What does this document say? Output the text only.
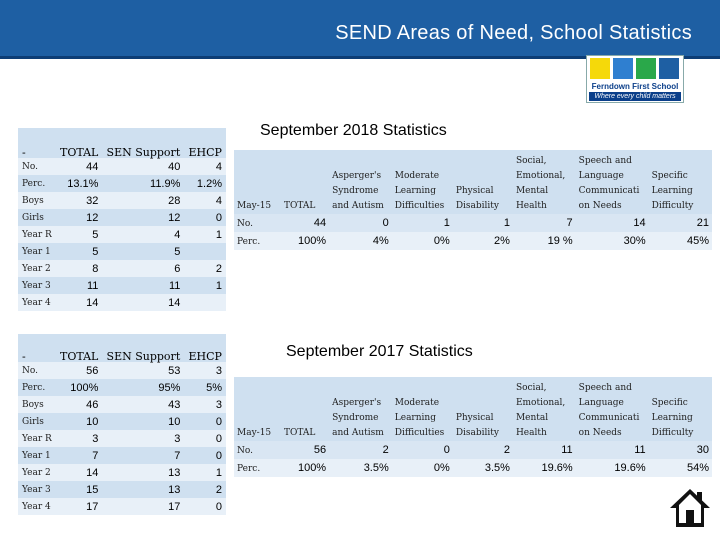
SEND Areas of Need, School Statistics
Ferndown First School
Where every child matters
-	TOTAL	SEN Support	EHCP
No.	44	40	4
Perc.	13.1%	11.9%	1.2%
Boys	32	28	4
Girls	12	12	0
Year R	5	4	1
Year 1	5	5	
Year 2	8	6	2
Year 3	11	11	1
Year 4	14	14	
-	TOTAL	SEN Support	EHCP
No.	56	53	3
Perc.	100%	95%	5%
Boys	46	43	3
Girls	10	10	0
Year R	3	3	0
Year 1	7	7	0
Year 2	14	13	1
Year 3	15	13	2
Year 4	17	17	0
September 2018 Statistics
May-15	TOTAL	Asperger's Syndrome and Autism	Moderate Learning Difficulties	Physical Disability	Social, Emotional, Mental Health	Speech and Language Communicati on Needs	Specific Learning Difficulty
No.	44	0	1	1	7	14	21
Perc.	100%	4%	0%	2%	19 %	30%	45%
September 2017 Statistics
May-15	TOTAL	Asperger's Syndrome and Autism	Moderate Learning Difficulties	Physical Disability	Social, Emotional, Mental Health	Speech and Language Communicati on Needs	Specific Learning Difficulty
No.	56	2	0	2	11	11	30
Perc.	100%	3.5%	0%	3.5%	19.6%	19.6%	54%
